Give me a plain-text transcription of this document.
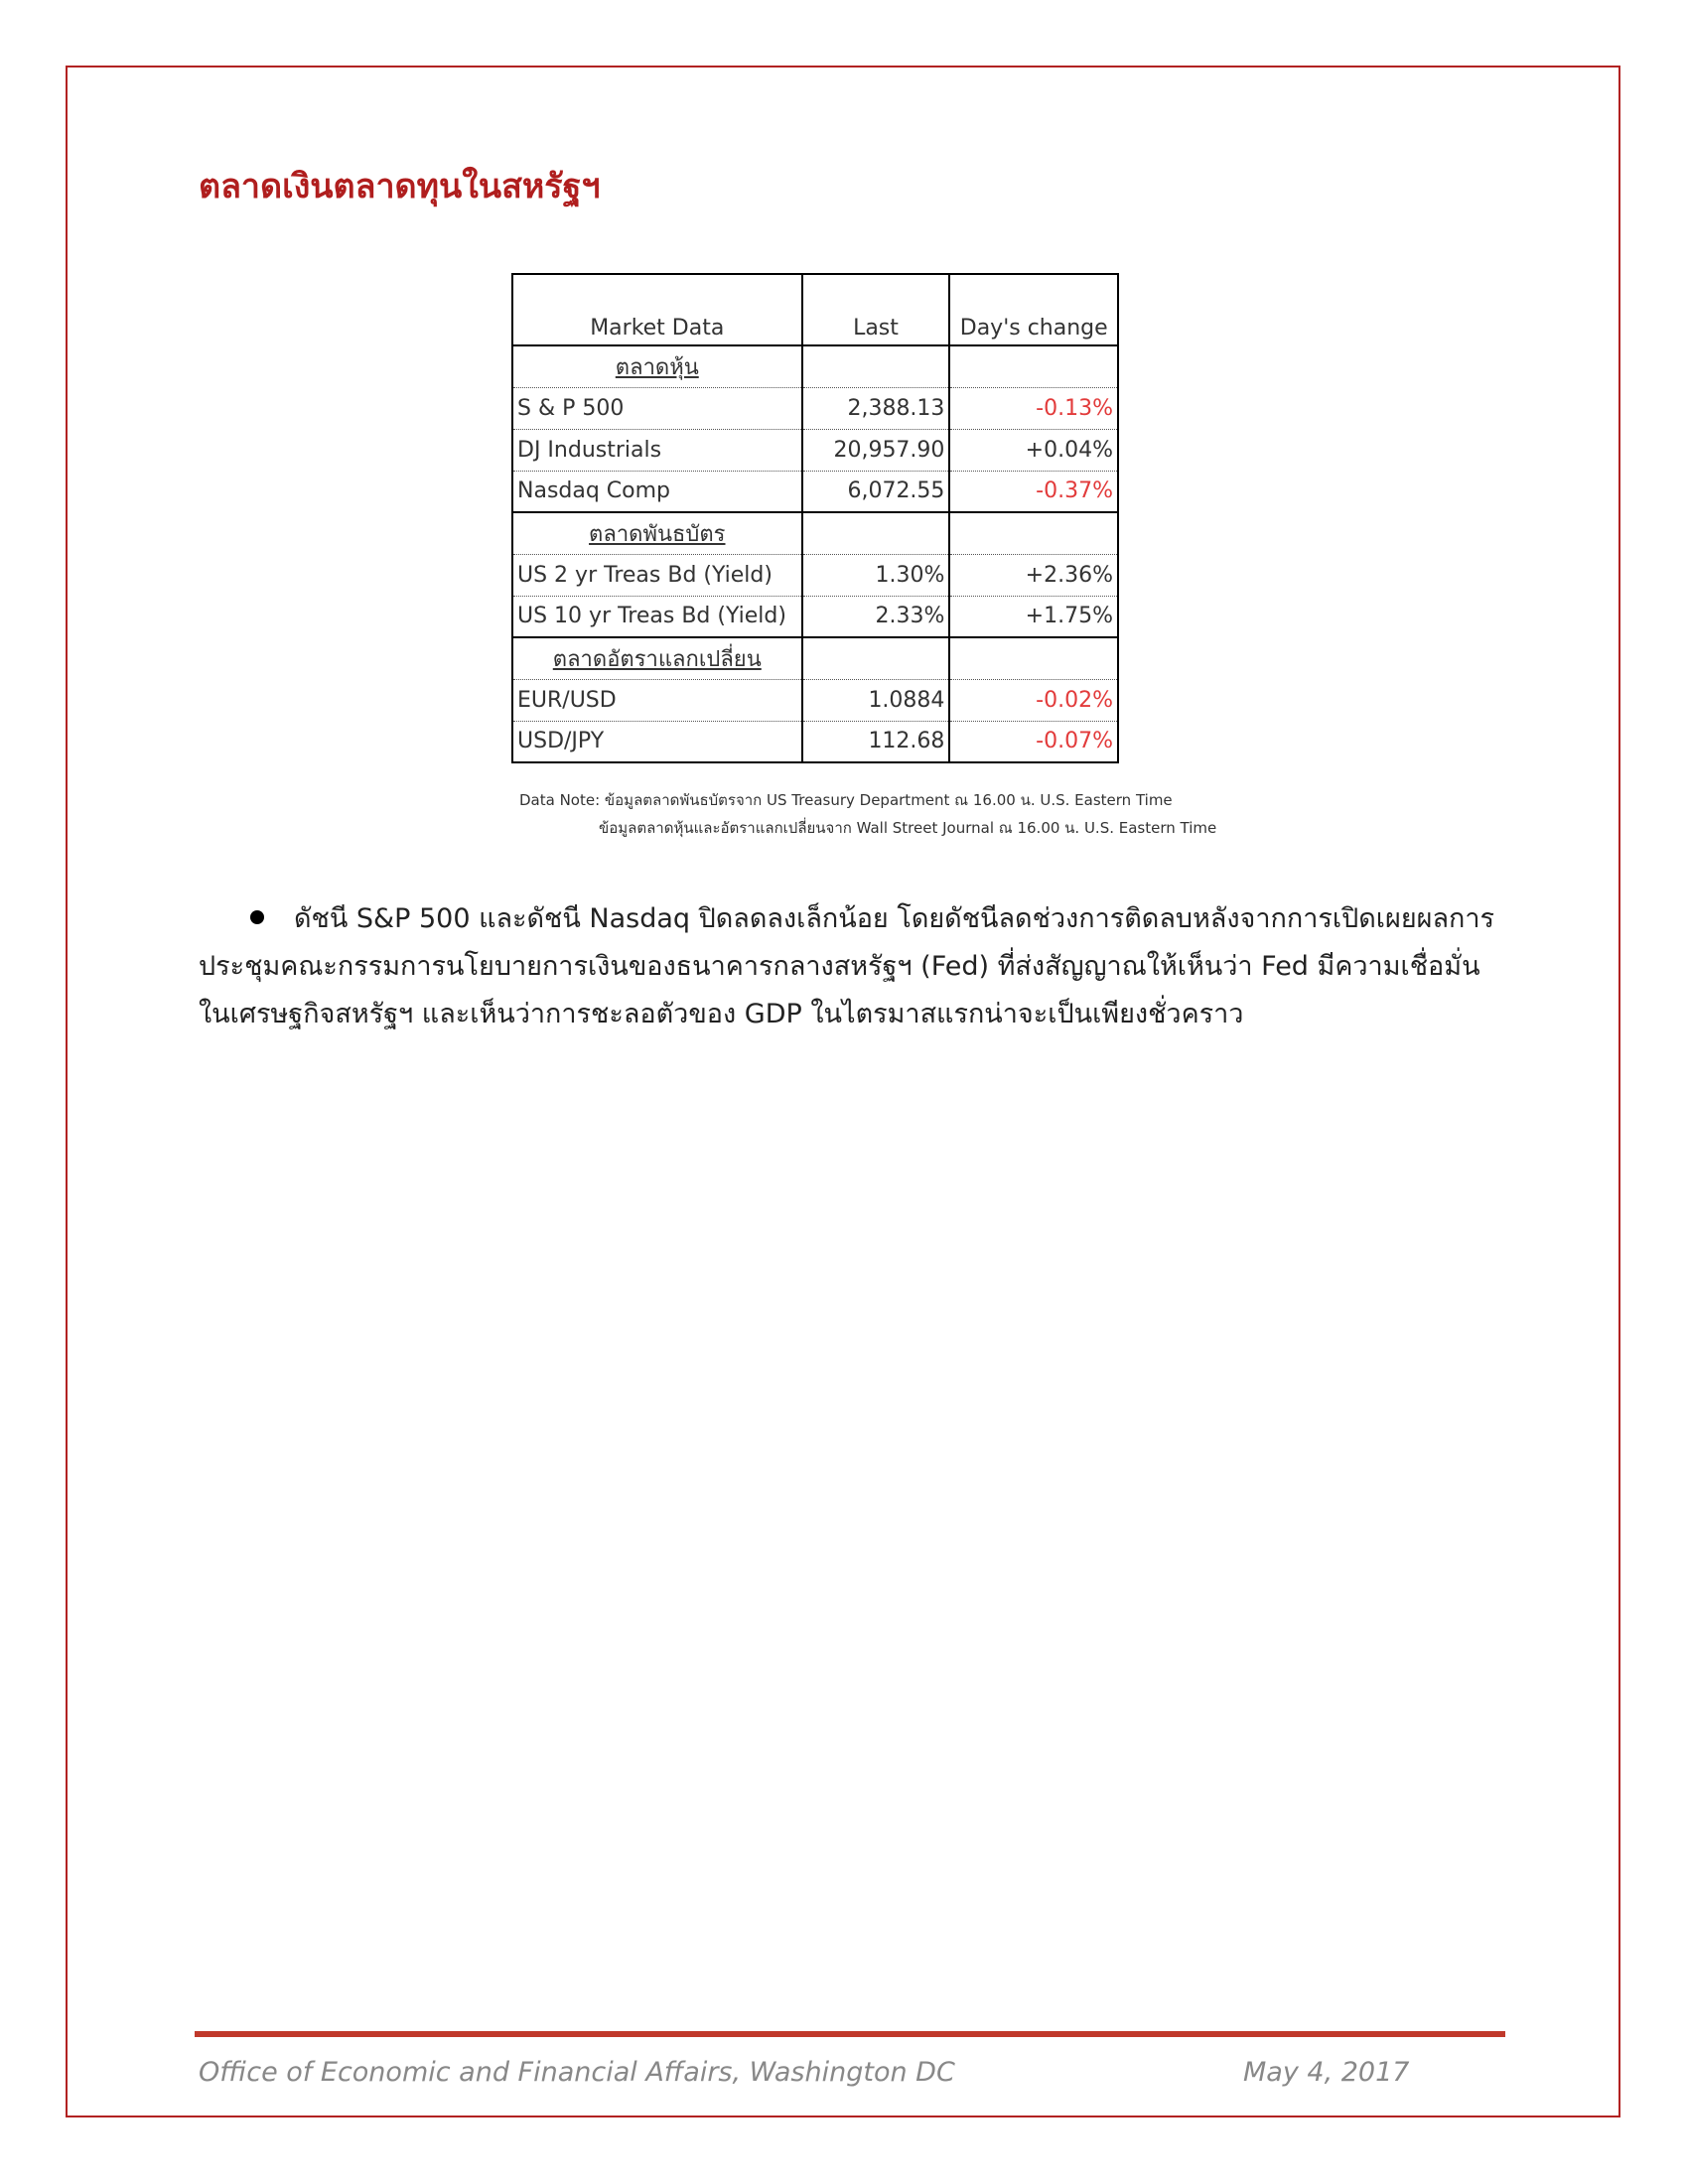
ตลาดเงินตลาดทุนในสหรัฐฯ
Market Data	Last	Day's change
ตลาดหุ้น		
S & P 500	2,388.13	-0.13%
DJ Industrials	20,957.90	+0.04%
Nasdaq Comp	6,072.55	-0.37%
ตลาดพันธบัตร		
US 2 yr Treas Bd (Yield)	1.30%	+2.36%
US 10 yr Treas Bd (Yield)	2.33%	+1.75%
ตลาดอัตราแลกเปลี่ยน		
EUR/USD	1.0884	-0.02%
USD/JPY	112.68	-0.07%
Data Note: ข้อมูลตลาดพันธบัตรจาก US Treasury Department ณ 16.00 น. U.S. Eastern Time
ข้อมูลตลาดหุ้นและอัตราแลกเปลี่ยนจาก Wall Street Journal ณ 16.00 น. U.S. Eastern Time
ดัชนี S&P 500 และดัชนี Nasdaq ปิดลดลงเล็กน้อย โดยดัชนีลดช่วงการติดลบหลังจากการเปิดเผยผลการ
ประชุมคณะกรรมการนโยบายการเงินของธนาคารกลางสหรัฐฯ (Fed) ที่ส่งสัญญาณให้เห็นว่า Fed มีความเชื่อมั่น
ในเศรษฐกิจสหรัฐฯ และเห็นว่าการชะลอตัวของ GDP ในไตรมาสแรกน่าจะเป็นเพียงชั่วคราว
Office of Economic and Financial Affairs, Washington DC	May 4, 2017
